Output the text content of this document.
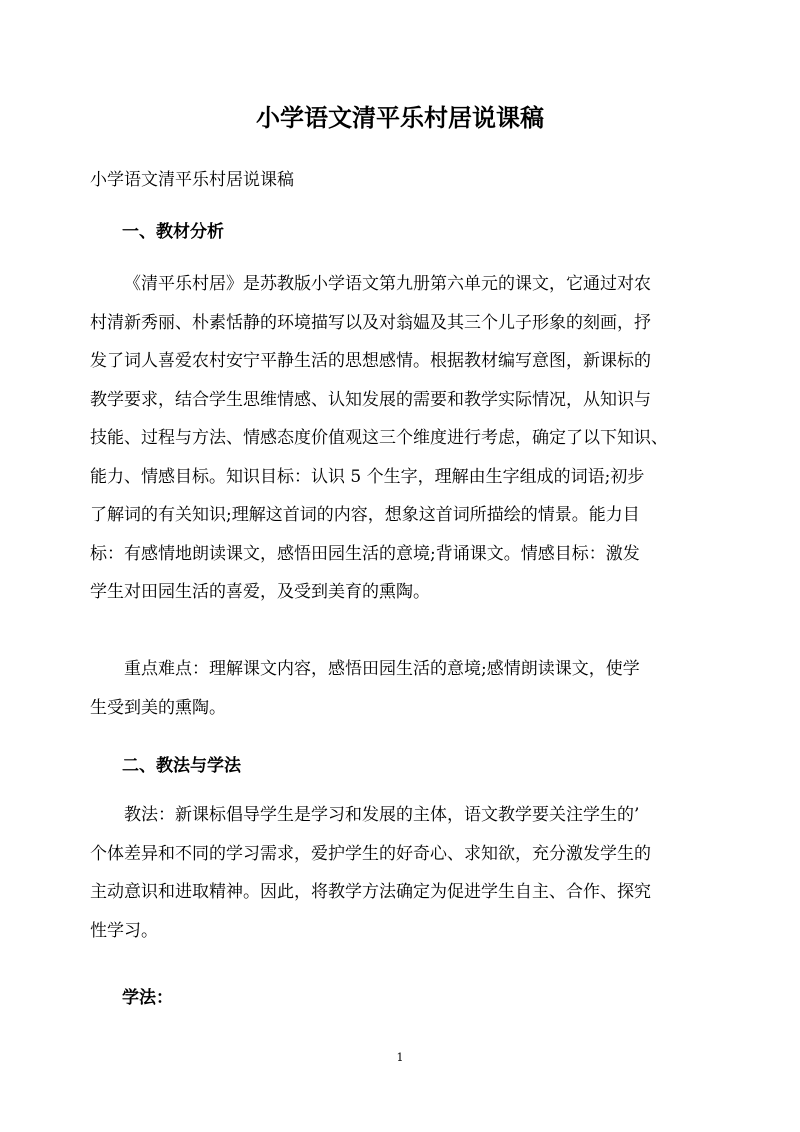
小学语文清平乐村居说课稿

小学语文清平乐村居说课稿

一、教材分析
《清平乐村居》是苏教版小学语文第九册第六单元的课文，它通过对农
村清新秀丽、朴素恬静的环境描写以及对翁媪及其三个儿子形象的刻画，抒
发了词人喜爱农村安宁平静生活的思想感情。根据教材编写意图，新课标的
教学要求，结合学生思维情感、认知发展的需要和教学实际情况，从知识与
技能、过程与方法、情感态度价值观这三个维度进行考虑，确定了以下知识、
能力、情感目标。知识目标：认识 5 个生字，理解由生字组成的词语;初步
了解词的有关知识;理解这首词的内容，想象这首词所描绘的情景。能力目
标：有感情地朗读课文，感悟田园生活的意境;背诵课文。情感目标：激发
学生对田园生活的喜爱，及受到美育的熏陶。
重点难点：理解课文内容，感悟田园生活的意境;感情朗读课文，使学
生受到美的熏陶。
二、教法与学法
教法：新课标倡导学生是学习和发展的主体，语文教学要关注学生的’
个体差异和不同的学习需求，爱护学生的好奇心、求知欲，充分激发学生的
主动意识和进取精神。因此，将教学方法确定为促进学生自主、合作、探究
性学习。
学法：
1
